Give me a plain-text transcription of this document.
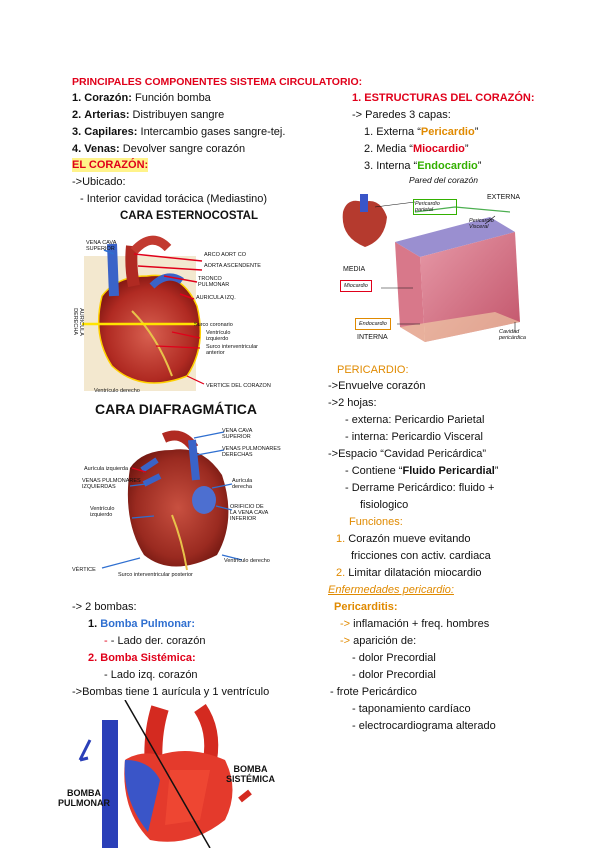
PRINCIPALES COMPONENTES SISTEMA CIRCULATORIO:
1. Corazón: Función bomba
2. Arterias: Distribuyen sangre
3. Capilares: Intercambio gases sangre-tej.
4. Venas: Devolver sangre corazón
EL CORAZÓN:
->Ubicado:
- Interior cavidad torácica (Mediastino)
CARA ESTERNOCOSTAL
VENA CAVA
SUPERIOR
ARCO AORT CO
AORTA ASCENDENTE
TRONCO
PULMONAR
AURICULA IZQ.
AURICULA
DERECHA	Surco coronario
Ventrículo
izquierdo
Surco interventricular
anterior
Ventrículo derecho
VERTICE DEL CORAZON
CARA DIAFRAGMÁTICA
VENA CAVA
SUPERIOR
VENAS PULMONARES
DERECHAS
Aurícula izquierda
VENAS PULMONARES
IZQUIERDAS
Aurícula
derecha
Ventrículo
izquierdo
ORIFICIO DE
LA VENA CAVA
INFERIOR
VÉRTICE
Ventrículo derecho
Surco interventricular posterior
-> 2 bombas:
1. Bomba Pulmonar:
- - Lado der. corazón
2. Bomba Sistémica:
- Lado izq. corazón
->Bombas tiene 1 aurícula y 1 ventrículo
BOMBA
PULMONAR
BOMBA
SISTÉMICA
1. ESTRUCTURAS DEL CORAZÓN:
-> Paredes 3 capas:
1. Externa “Pericardio”
2. Media “Miocardio”
3. Interna “Endocardio”
Pared del corazón
EXTERNA
Pericardio
parietal
Pericardio
Visceral
MEDIA
Miocardio
Endocardio
INTERNA
Cavidad
pericárdica
PERICARDIO:
->Envuelve corazón
->2 hojas:
- externa: Pericardio Parietal
- interna: Pericardio Visceral
->Espacio “Cavidad Pericárdica”
- Contiene “Fluido Pericardial”
- Derrame Pericárdico: fluido +
fisiologico
Funciones:
1. Corazón mueve evitando
fricciones con activ. cardiaca
2. Limitar dilatación miocardio
Enfermedades pericardio:
Pericarditis:
-> inflamación + freq. hombres
-> aparición de:
- dolor Precordial
- dolor Precordial
- frote Pericárdico
- taponamiento cardíaco
- electrocardiograma alterado
